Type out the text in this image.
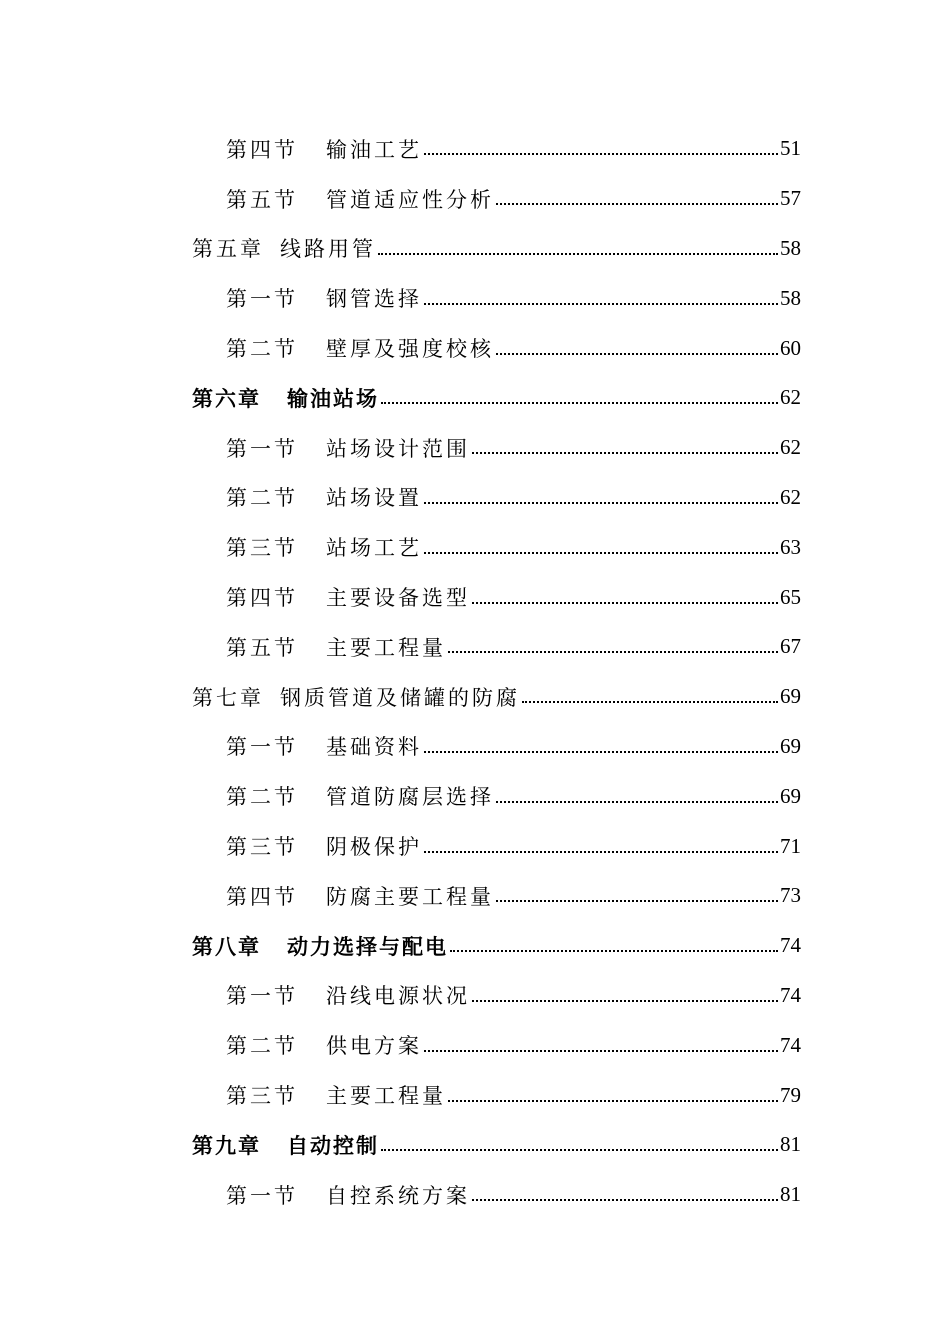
第四节 输油工艺	51
第五节 管道适应性分析	57
第五章 线路用管	58
第一节 钢管选择	58
第二节 壁厚及强度校核	60
第六章 输油站场	62
第一节 站场设计范围	62
第二节 站场设置	62
第三节 站场工艺	63
第四节 主要设备选型	65
第五节 主要工程量	67
第七章 钢质管道及储罐的防腐	69
第一节 基础资料	69
第二节 管道防腐层选择	69
第三节 阴极保护	71
第四节 防腐主要工程量	73
第八章 动力选择与配电	74
第一节 沿线电源状况	74
第二节 供电方案	74
第三节 主要工程量	79
第九章 自动控制	81
第一节 自控系统方案	81
